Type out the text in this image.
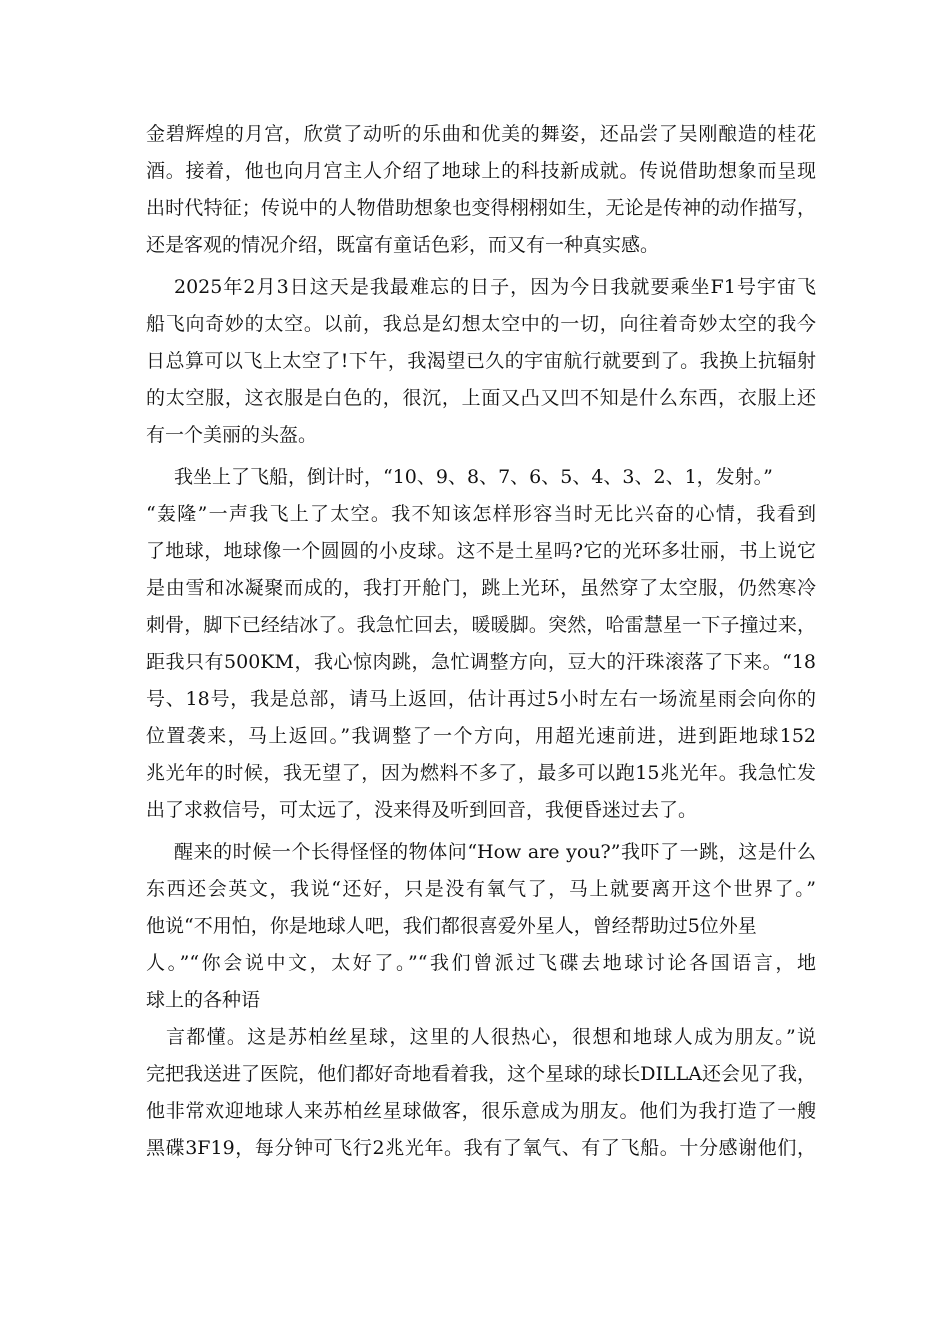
金碧辉煌的月宫，欣赏了动听的乐曲和优美的舞姿，还品尝了吴刚酿造的桂花
酒。接着，他也向月宫主人介绍了地球上的科技新成就。传说借助想象而呈现
出时代特征；传说中的人物借助想象也变得栩栩如生，无论是传神的动作描写，
还是客观的情况介绍，既富有童话色彩，而又有一种真实感。
2025年2月3日这天是我最难忘的日子，因为今日我就要乘坐F1号宇宙飞
船飞向奇妙的太空。以前，我总是幻想太空中的一切，向往着奇妙太空的我今
日总算可以飞上太空了!下午，我渴望已久的宇宙航行就要到了。我换上抗辐射
的太空服，这衣服是白色的，很沉，上面又凸又凹不知是什么东西，衣服上还
有一个美丽的头盔。
我坐上了飞船，倒计时，“10、9、8、7、6、5、4、3、2、1，发射。”
“轰隆”一声我飞上了太空。我不知该怎样形容当时无比兴奋的心情，我看到
了地球，地球像一个圆圆的小皮球。这不是土星吗?它的光环多壮丽，书上说它
是由雪和冰凝聚而成的，我打开舱门，跳上光环，虽然穿了太空服，仍然寒冷
刺骨，脚下已经结冰了。我急忙回去，暖暖脚。突然，哈雷慧星一下子撞过来，
距我只有500KM，我心惊肉跳，急忙调整方向，豆大的汗珠滚落了下来。“18
号、18号，我是总部，请马上返回，估计再过5小时左右一场流星雨会向你的
位置袭来，马上返回。”我调整了一个方向，用超光速前进，进到距地球152
兆光年的时候，我无望了，因为燃料不多了，最多可以跑15兆光年。我急忙发
出了求救信号，可太远了，没来得及听到回音，我便昏迷过去了。
醒来的时候一个长得怪怪的物体问“How are you?”我吓了一跳，这是什么
东西还会英文，我说“还好，只是没有氧气了，马上就要离开这个世界了。”
他说“不用怕，你是地球人吧，我们都很喜爱外星人，曾经帮助过5位外星
人。”“你会说中文，太好了。”“我们曾派过飞碟去地球讨论各国语言，地
球上的各种语
言都懂。这是苏柏丝星球，这里的人很热心，很想和地球人成为朋友。”说
完把我送进了医院，他们都好奇地看着我，这个星球的球长DILLA还会见了我，
他非常欢迎地球人来苏柏丝星球做客，很乐意成为朋友。他们为我打造了一艘
黑碟3F19，每分钟可飞行2兆光年。我有了氧气、有了飞船。十分感谢他们，
